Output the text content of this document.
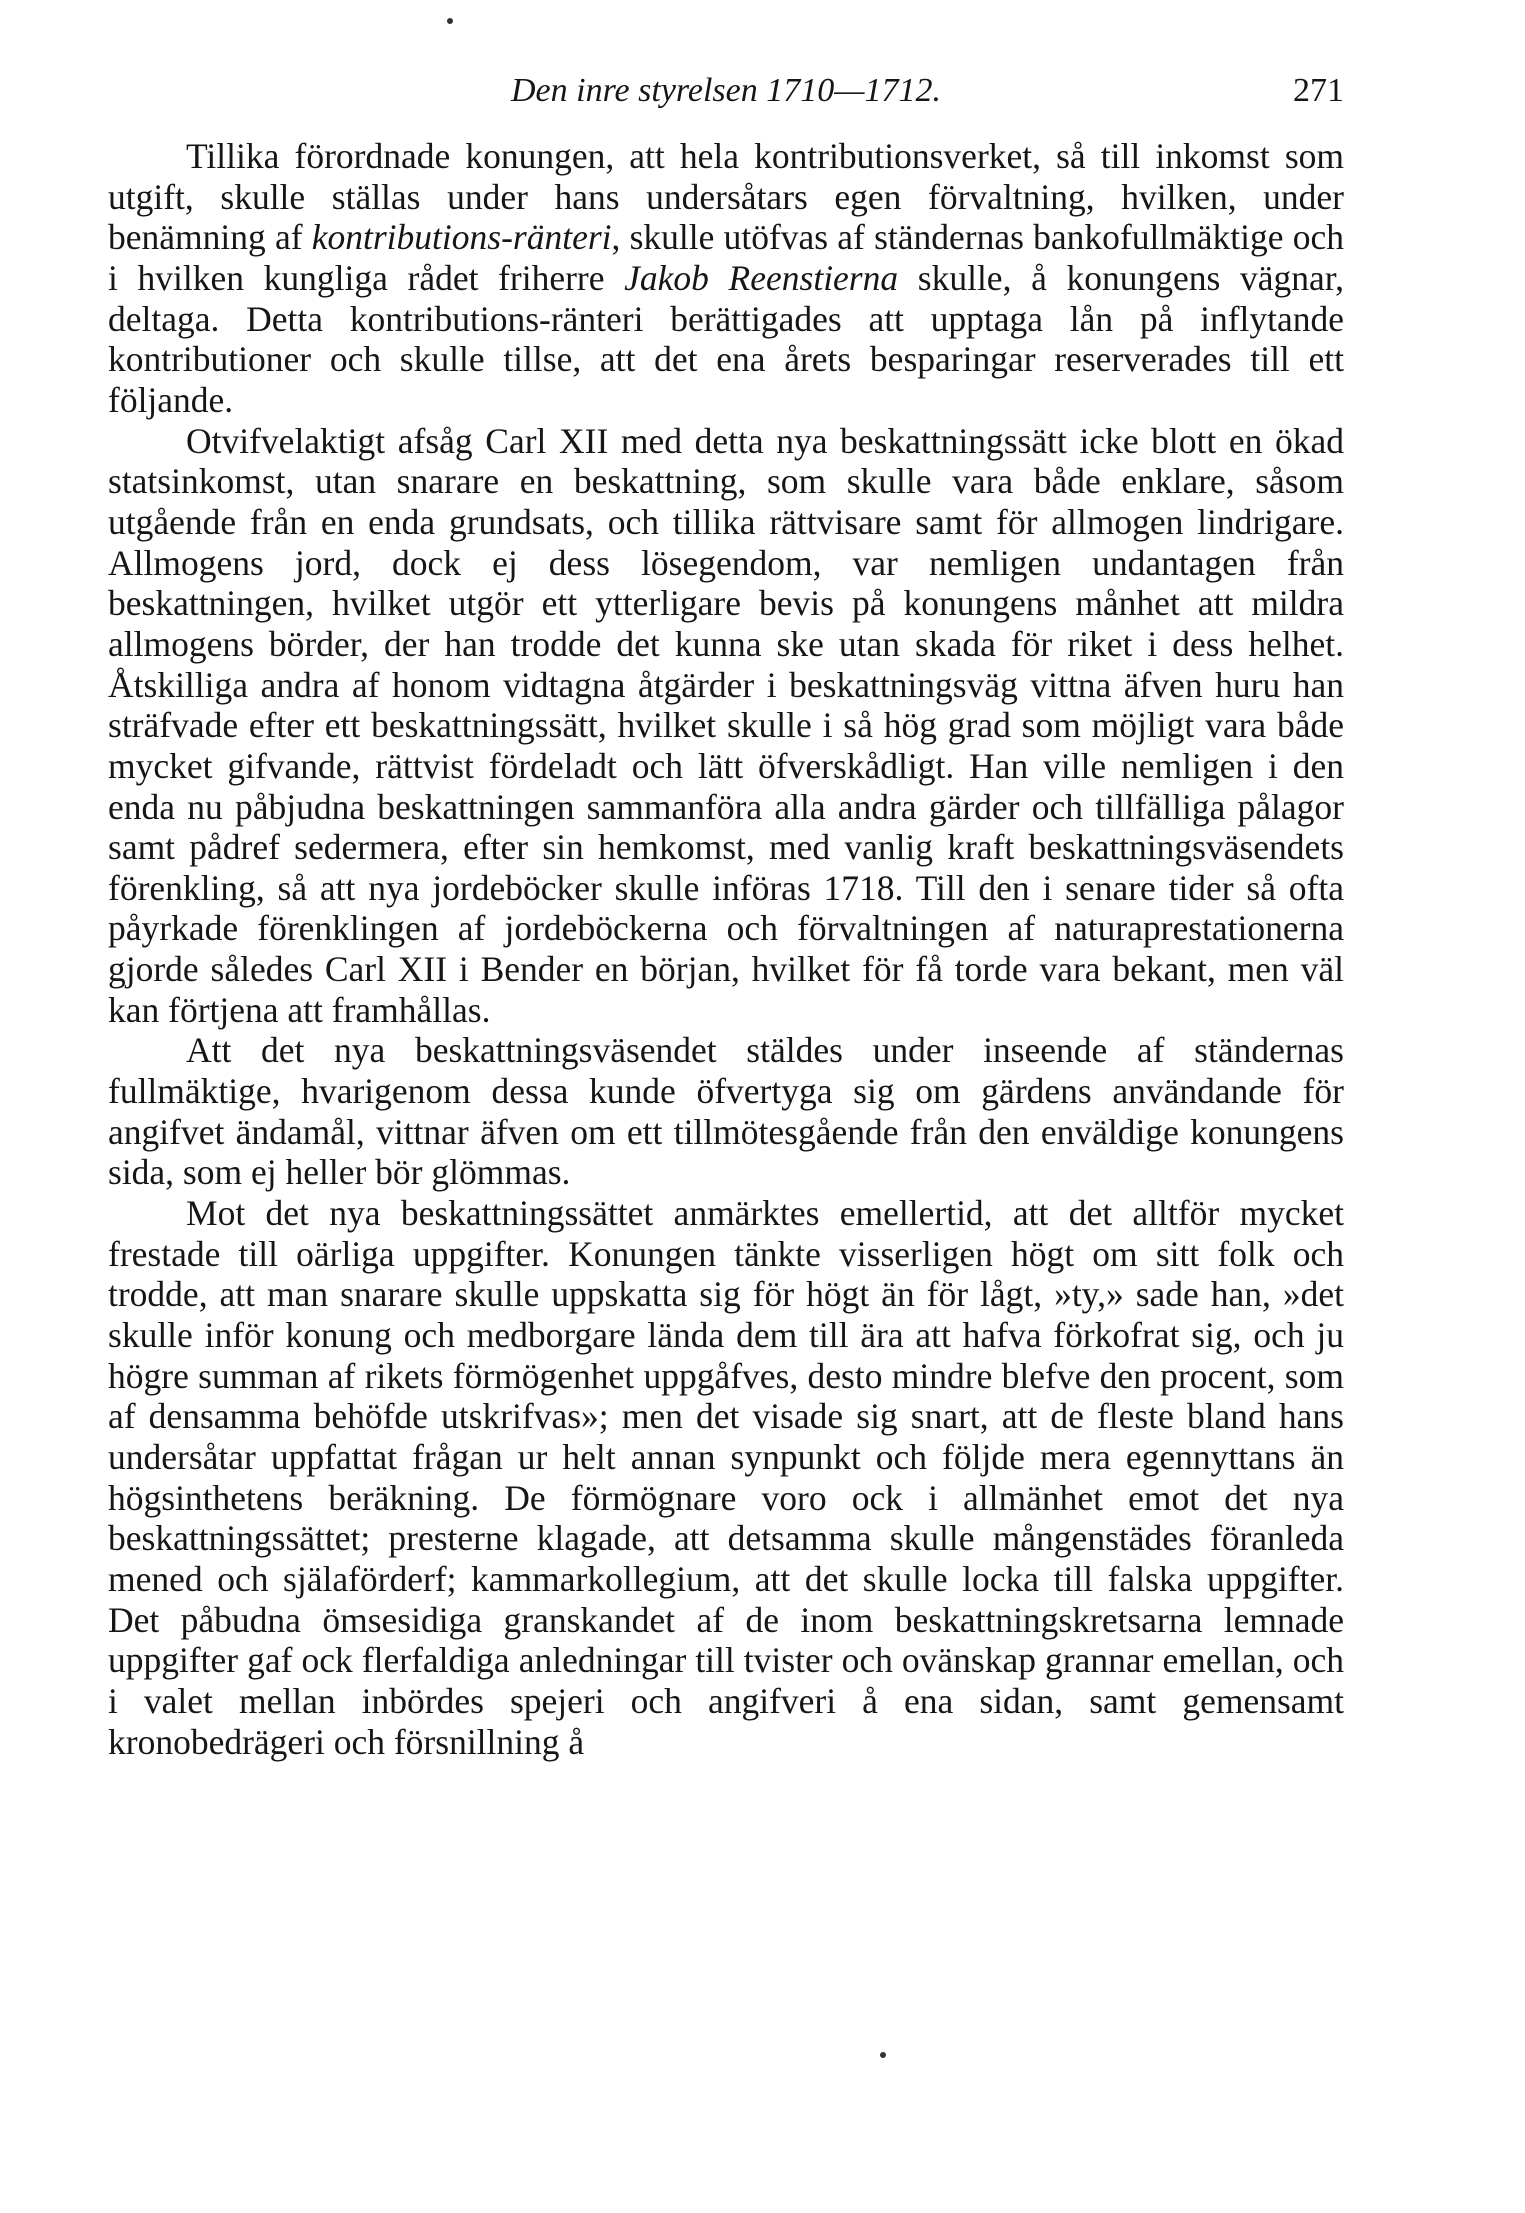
Den inre styrelsen 1710—1712.	271

Tillika förordnade konungen, att hela kontributionsverket, så till inkomst som utgift, skulle ställas under hans undersåtars egen förvaltning, hvilken, under benämning af kontributions-ränteri, skulle utöfvas af ständernas bankofullmäktige och i hvilken kungliga rådet friherre Jakob Reenstierna skulle, å konungens vägnar, deltaga. Detta kontributions-ränteri berättigades att upptaga lån på inflytande kontributioner och skulle tillse, att det ena årets besparingar reserverades till ett följande.

Otvifvelaktigt afsåg Carl XII med detta nya beskattningssätt icke blott en ökad statsinkomst, utan snarare en beskattning, som skulle vara både enklare, såsom utgående från en enda grundsats, och tillika rättvisare samt för allmogen lindrigare. Allmogens jord, dock ej dess lösegendom, var nemligen undantagen från beskattningen, hvilket utgör ett ytterligare bevis på konungens månhet att mildra allmogens börder, der han trodde det kunna ske utan skada för riket i dess helhet. Åtskilliga andra af honom vidtagna åtgärder i beskattningsväg vittna äfven huru han sträfvade efter ett beskattningssätt, hvilket skulle i så hög grad som möjligt vara både mycket gifvande, rättvist fördeladt och lätt öfverskådligt. Han ville nemligen i den enda nu påbjudna beskattningen sammanföra alla andra gärder och tillfälliga pålagor samt pådref sedermera, efter sin hemkomst, med vanlig kraft beskattningsväsendets förenkling, så att nya jordeböcker skulle införas 1718. Till den i senare tider så ofta påyrkade förenklingen af jordeböckerna och förvaltningen af naturaprestationerna gjorde således Carl XII i Bender en början, hvilket för få torde vara bekant, men väl kan förtjena att framhållas.

Att det nya beskattningsväsendet stäldes under inseende af ständernas fullmäktige, hvarigenom dessa kunde öfvertyga sig om gärdens användande för angifvet ändamål, vittnar äfven om ett tillmötesgående från den enväldige konungens sida, som ej heller bör glömmas.

Mot det nya beskattningssättet anmärktes emellertid, att det alltför mycket frestade till oärliga uppgifter. Konungen tänkte visserligen högt om sitt folk och trodde, att man snarare skulle uppskatta sig för högt än för lågt, »ty,» sade han, »det skulle inför konung och medborgare lända dem till ära att hafva förkofrat sig, och ju högre summan af rikets förmögenhet uppgåfves, desto mindre blefve den procent, som af densamma behöfde utskrifvas»; men det visade sig snart, att de fleste bland hans undersåtar uppfattat frågan ur helt annan synpunkt och följde mera egennyttans än högsinthetens beräkning. De förmögnare voro ock i allmänhet emot det nya beskattningssättet; presterne klagade, att detsamma skulle mångenstädes föranleda mened och själaförderf; kammarkollegium, att det skulle locka till falska uppgifter. Det påbudna ömsesidiga granskandet af de inom beskattningskretsarna lemnade uppgifter gaf ock flerfaldiga anledningar till tvister och ovänskap grannar emellan, och i valet mellan inbördes spejeri och angifveri å ena sidan, samt gemensamt kronobedrägeri och försnillning å
